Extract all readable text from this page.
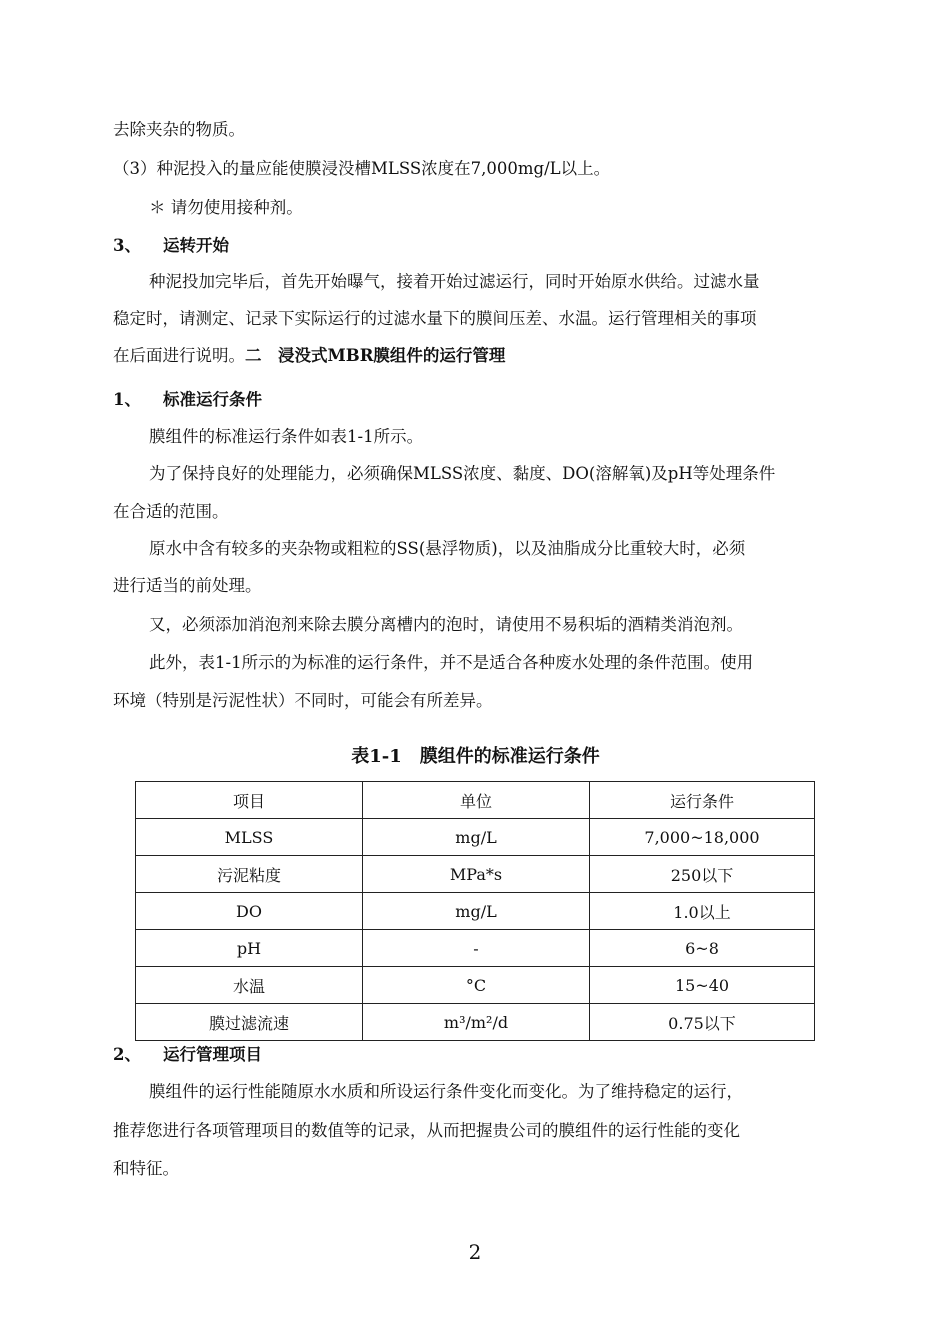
去除夹杂的物质。

（3）种泥投入的量应能使膜浸没槽MLSS浓度在7,000mg/L以上。

＊ 请勿使用接种剂。

3、 运转开始

种泥投加完毕后，首先开始曝气，接着开始过滤运行，同时开始原水供给。过滤水量

稳定时，请测定、记录下实际运行的过滤水量下的膜间压差、水温。运行管理相关的事项

在后面进行说明。二　浸没式MBR膜组件的运行管理

1、 标准运行条件

膜组件的标准运行条件如表1-1所示。

为了保持良好的处理能力，必须确保MLSS浓度、黏度、DO(溶解氧)及pH等处理条件

在合适的范围。

原水中含有较多的夹杂物或粗粒的SS(悬浮物质)，以及油脂成分比重较大时，必须

进行适当的前处理。

又，必须添加消泡剂来除去膜分离槽内的泡时，请使用不易积垢的酒精类消泡剂。

此外，表1-1所示的为标准的运行条件，并不是适合各种废水处理的条件范围。使用

环境（特别是污泥性状）不同时，可能会有所差异。

表1-1　膜组件的标准运行条件

项目	单位	运行条件
MLSS	mg/L	7,000~18,000
污泥粘度	MPa*s	250以下
DO	mg/L	1.0以上
pH	-	6~8
水温	°C	15~40
膜过滤流速	m³/m²/d	0.75以下

2、 运行管理项目

膜组件的运行性能随原水水质和所设运行条件变化而变化。为了维持稳定的运行，

推荐您进行各项管理项目的数值等的记录，从而把握贵公司的膜组件的运行性能的变化

和特征。

2
